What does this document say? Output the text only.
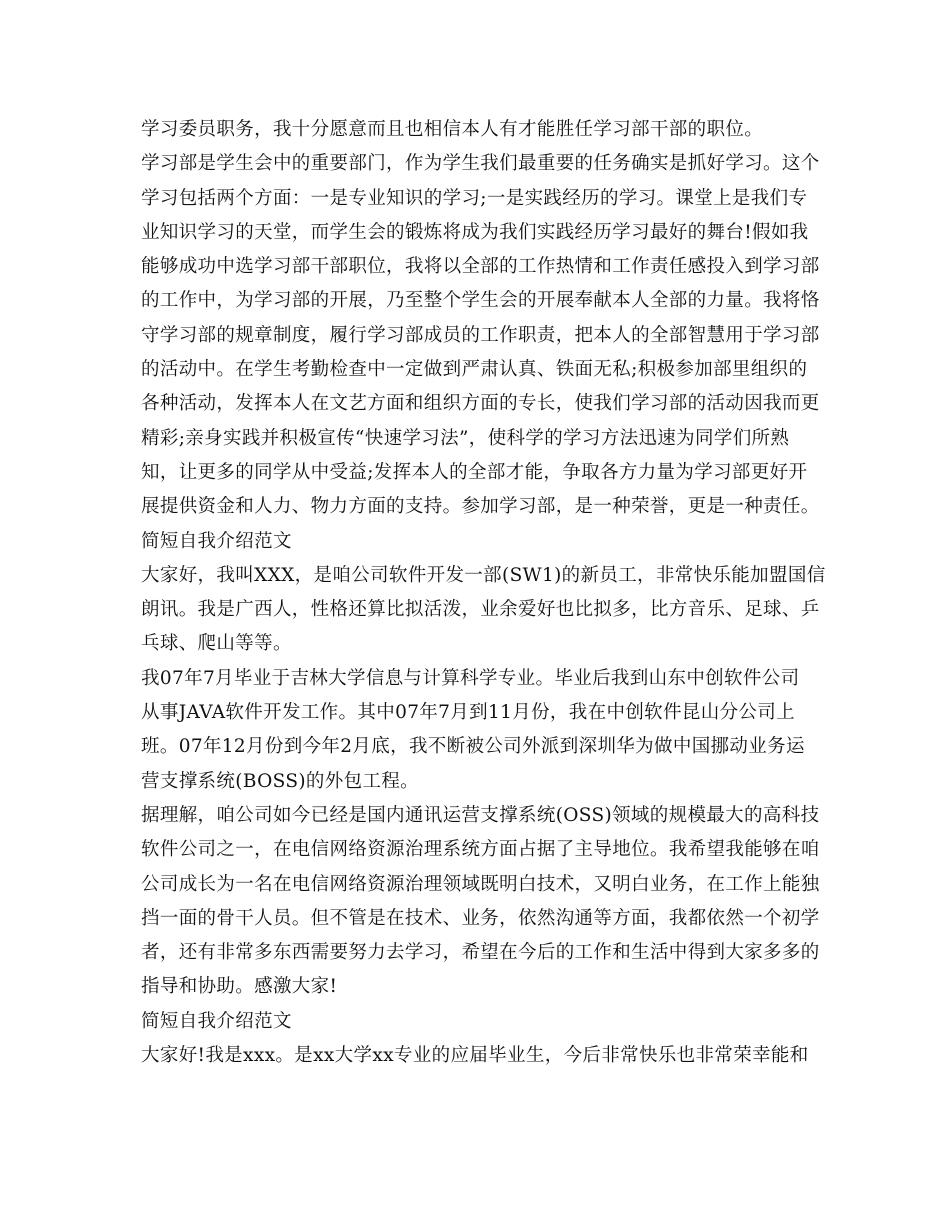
学习委员职务，我十分愿意而且也相信本人有才能胜任学习部干部的职位。
学习部是学生会中的重要部门，作为学生我们最重要的任务确实是抓好学习。这个
学习包括两个方面：一是专业知识的学习;一是实践经历的学习。课堂上是我们专
业知识学习的天堂，而学生会的锻炼将成为我们实践经历学习最好的舞台!假如我
能够成功中选学习部干部职位，我将以全部的工作热情和工作责任感投入到学习部
的工作中，为学习部的开展，乃至整个学生会的开展奉献本人全部的力量。我将恪
守学习部的规章制度，履行学习部成员的工作职责，把本人的全部智慧用于学习部
的活动中。在学生考勤检查中一定做到严肃认真、铁面无私;积极参加部里组织的
各种活动，发挥本人在文艺方面和组织方面的专长，使我们学习部的活动因我而更
精彩;亲身实践并积极宣传“快速学习法”，使科学的学习方法迅速为同学们所熟
知，让更多的同学从中受益;发挥本人的全部才能，争取各方力量为学习部更好开
展提供资金和人力、物力方面的支持。参加学习部，是一种荣誉，更是一种责任。
简短自我介绍范文
大家好，我叫XXX，是咱公司软件开发一部(SW1)的新员工，非常快乐能加盟国信
朗讯。我是广西人，性格还算比拟活泼，业余爱好也比拟多，比方音乐、足球、乒
乓球、爬山等等。
我07年7月毕业于吉林大学信息与计算科学专业。毕业后我到山东中创软件公司
从事JAVA软件开发工作。其中07年7月到11月份，我在中创软件昆山分公司上
班。07年12月份到今年2月底，我不断被公司外派到深圳华为做中国挪动业务运
营支撑系统(BOSS)的外包工程。
据理解，咱公司如今已经是国内通讯运营支撑系统(OSS)领域的规模最大的高科技
软件公司之一，在电信网络资源治理系统方面占据了主导地位。我希望我能够在咱
公司成长为一名在电信网络资源治理领域既明白技术，又明白业务，在工作上能独
挡一面的骨干人员。但不管是在技术、业务，依然沟通等方面，我都依然一个初学
者，还有非常多东西需要努力去学习，希望在今后的工作和生活中得到大家多多的
指导和协助。感激大家!
简短自我介绍范文
大家好!我是xxx。是xx大学xx专业的应届毕业生，今后非常快乐也非常荣幸能和
